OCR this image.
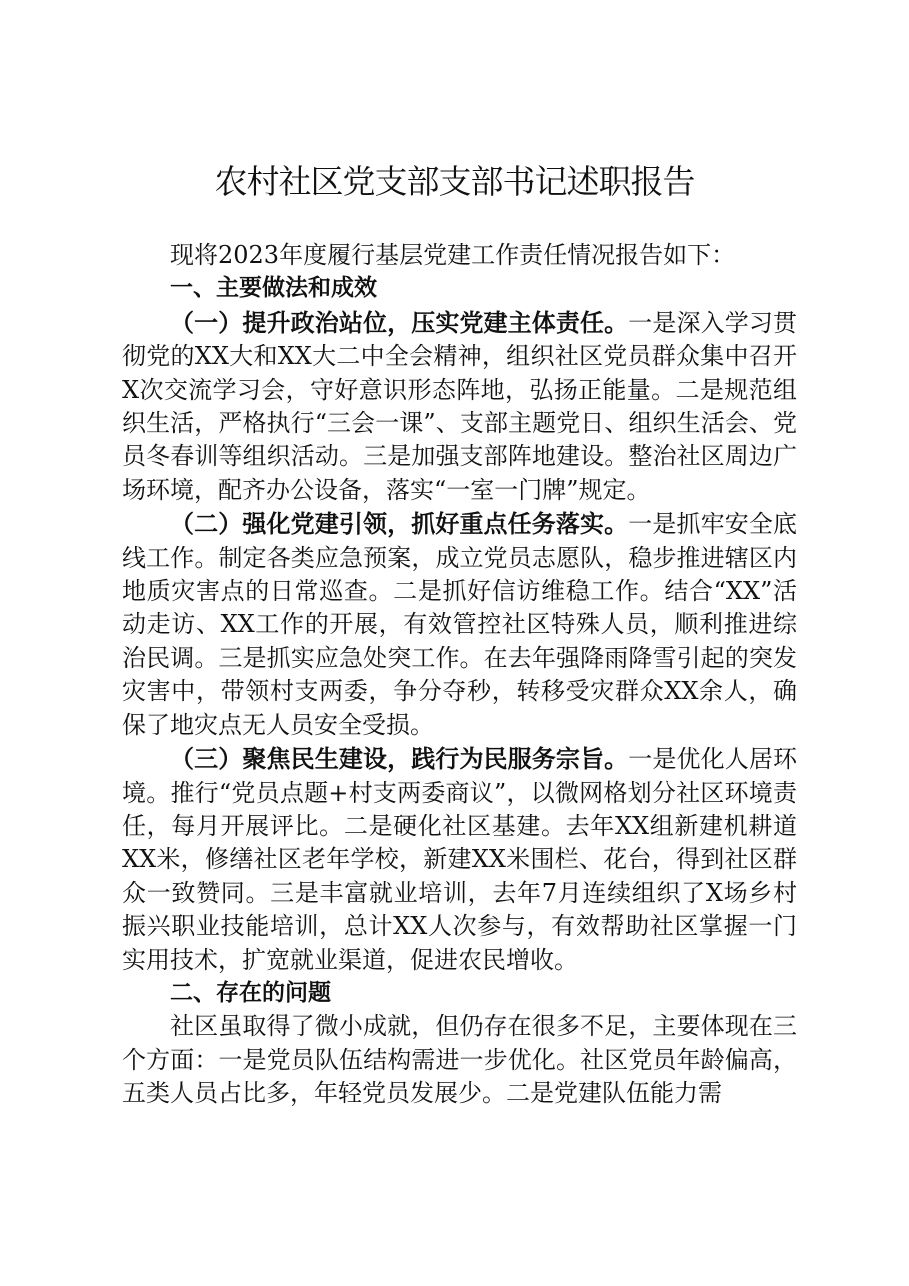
农村社区党支部支部书记述职报告

现将2023年度履行基层党建工作责任情况报告如下：

一、主要做法和成效

（一）提升政治站位，压实党建主体责任。一是深入学习贯彻党的XX大和XX大二中全会精神，组织社区党员群众集中召开X次交流学习会，守好意识形态阵地，弘扬正能量。二是规范组织生活，严格执行“三会一课”、支部主题党日、组织生活会、党员冬春训等组织活动。三是加强支部阵地建设。整治社区周边广场环境，配齐办公设备，落实“一室一门牌”规定。

（二）强化党建引领，抓好重点任务落实。一是抓牢安全底线工作。制定各类应急预案，成立党员志愿队，稳步推进辖区内地质灾害点的日常巡查。二是抓好信访维稳工作。结合“XX”活动走访、XX工作的开展，有效管控社区特殊人员，顺利推进综治民调。三是抓实应急处突工作。在去年强降雨降雪引起的突发灾害中，带领村支两委，争分夺秒，转移受灾群众XX余人，确保了地灾点无人员安全受损。

（三）聚焦民生建设，践行为民服务宗旨。一是优化人居环境。推行“党员点题+村支两委商议”，以微网格划分社区环境责任，每月开展评比。二是硬化社区基建。去年XX组新建机耕道XX米，修缮社区老年学校，新建XX米围栏、花台，得到社区群众一致赞同。三是丰富就业培训，去年7月连续组织了X场乡村振兴职业技能培训，总计XX人次参与，有效帮助社区掌握一门实用技术，扩宽就业渠道，促进农民增收。

二、存在的问题

社区虽取得了微小成就，但仍存在很多不足，主要体现在三个方面：一是党员队伍结构需进一步优化。社区党员年龄偏高，五类人员占比多，年轻党员发展少。二是党建队伍能力需
